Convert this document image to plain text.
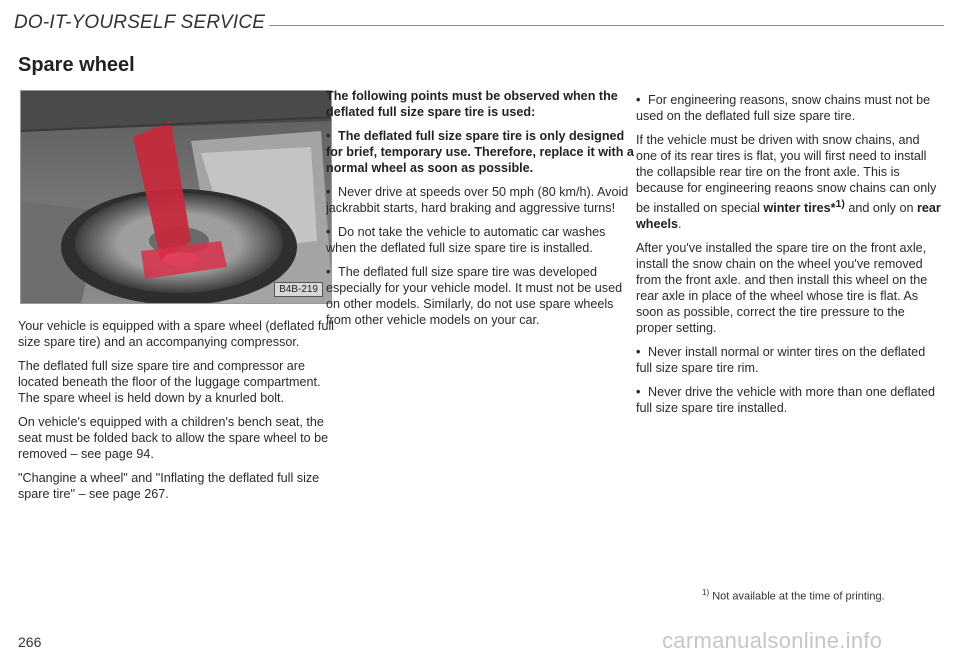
DO-IT-YOURSELF SERVICE
Spare wheel
B4B-219

Your vehicle is equipped with a spare wheel (deflated full size spare tire) and an accompanying compressor.

The deflated full size spare tire and compressor are located beneath the floor of the luggage compartment. The spare wheel is held down by a knurled bolt.

On vehicle's equipped with a children's bench seat, the seat must be folded back to allow the spare wheel to be removed – see page 94.

"Changine a wheel" and "Inflating the deflated full size spare tire" – see page 267.

The following points must be observed when the deflated full size spare tire is used:

• The deflated full size spare tire is only designed for brief, temporary use. Therefore, replace it with a normal wheel as soon as possible.

• Never drive at speeds over 50 mph (80 km/h). Avoid jackrabbit starts, hard braking and aggressive turns!

• Do not take the vehicle to automatic car washes when the deflated full size spare tire is installed.

• The deflated full size spare tire was developed especially for your vehicle model. It must not be used on other models. Similarly, do not use spare wheels from other vehicle models on your car.

• For engineering reasons, snow chains must not be used on the deflated full size spare tire.

If the vehicle must be driven with snow chains, and one of its rear tires is flat, you will first need to install the collapsible rear tire on the front axle. This is because for engineering reaons snow chains can only be installed on special winter tires*$^{1)}$ and only on rear wheels.

After you've installed the spare tire on the front axle, install the snow chain on the wheel you've removed from the front axle. and then install this wheel on the rear axle in place of the wheel whose tire is flat. As soon as possible, correct the tire pressure to the proper setting.

• Never install normal or winter tires on the deflated full size spare tire rim.

• Never drive the vehicle with more than one deflated full size spare tire installed.

$^{1)}$ Not available at the time of printing.
266	carmanualsonline.info
